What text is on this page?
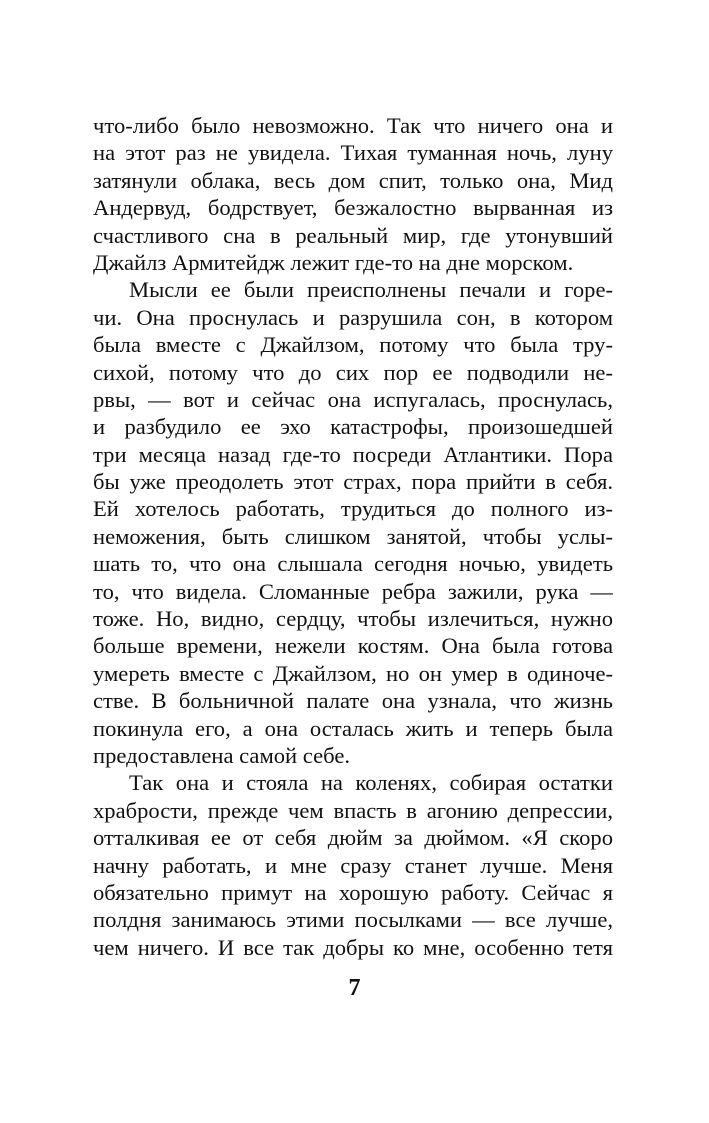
что-либо было невозможно. Так что ничего она и
на этот раз не увидела. Тихая туманная ночь, луну
затянули облака, весь дом спит, только она, Мид
Андервуд, бодрствует, безжалостно вырванная из
счастливого сна в реальный мир, где утонувший
Джайлз Армитейдж лежит где-то на дне морском.
Мысли ее были преисполнены печали и горе-
чи. Она проснулась и разрушила сон, в котором
была вместе с Джайлзом, потому что была тру-
сихой, потому что до сих пор ее подводили не-
рвы, — вот и сейчас она испугалась, проснулась,
и разбудило ее эхо катастрофы, произошедшей
три месяца назад где-то посреди Атлантики. Пора
бы уже преодолеть этот страх, пора прийти в себя.
Ей хотелось работать, трудиться до полного из-
неможения, быть слишком занятой, чтобы услы-
шать то, что она слышала сегодня ночью, увидеть
то, что видела. Сломанные ребра зажили, рука —
тоже. Но, видно, сердцу, чтобы излечиться, нужно
больше времени, нежели костям. Она была готова
умереть вместе с Джайлзом, но он умер в одиноче-
стве. В больничной палате она узнала, что жизнь
покинула его, а она осталась жить и теперь была
предоставлена самой себе.
Так она и стояла на коленях, собирая остатки
храбрости, прежде чем впасть в агонию депрессии,
отталкивая ее от себя дюйм за дюймом. «Я скоро
начну работать, и мне сразу станет лучше. Меня
обязательно примут на хорошую работу. Сейчас я
полдня занимаюсь этими посылками — все лучше,
чем ничего. И все так добры ко мне, особенно тетя
7
